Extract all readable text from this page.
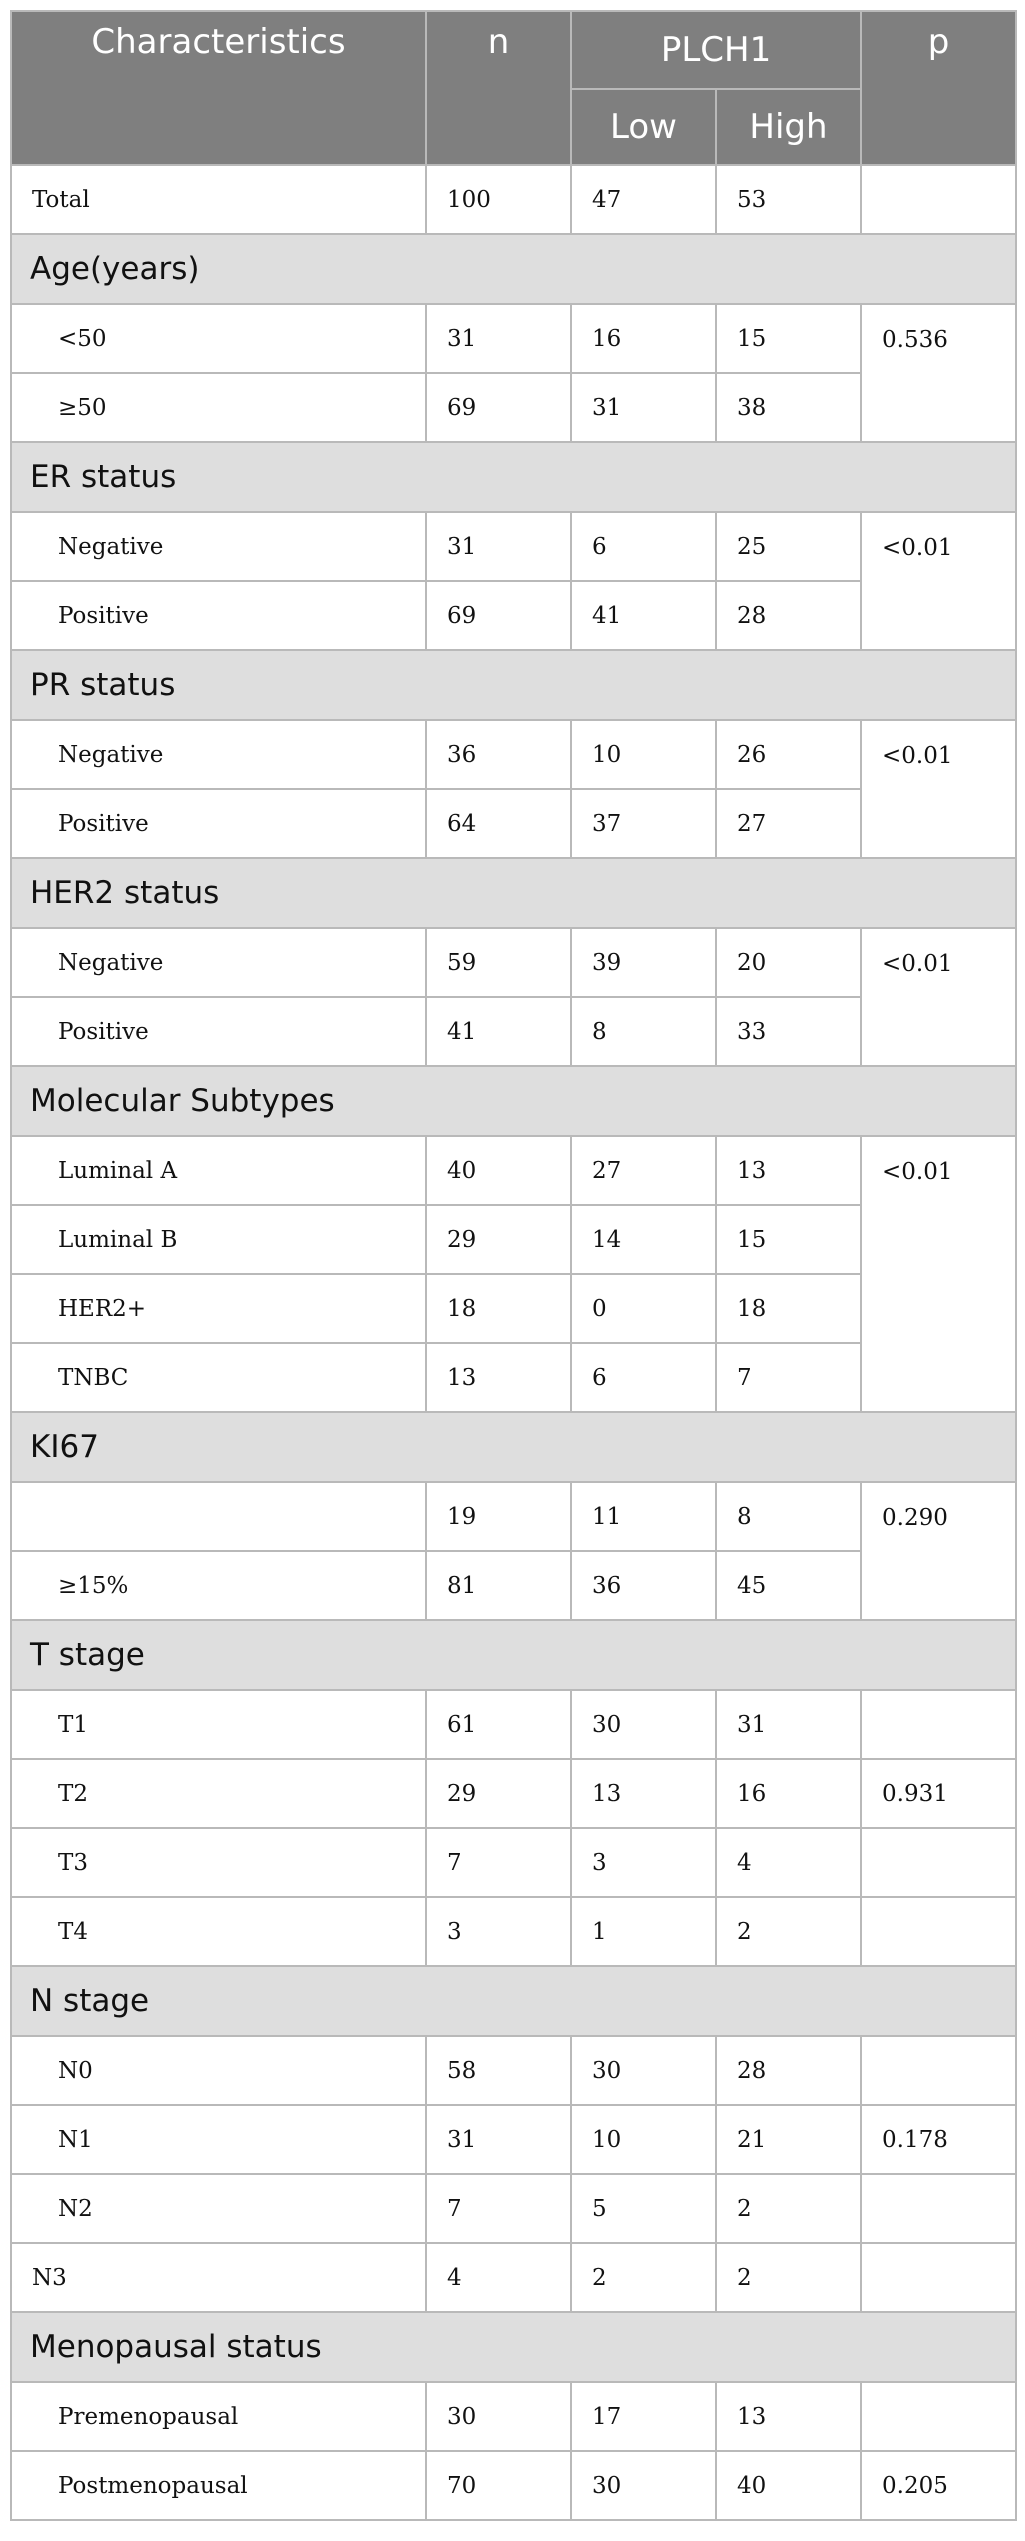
Characteristics	n	PLCH1		p
		Low	High	
Total	100	47	53	
Age(years)				
<50	31	16	15	0.536
≥50	69	31	38	
ER status				
Negative	31	6	25	<0.01
Positive	69	41	28	
PR status				
Negative	36	10	26	<0.01
Positive	64	37	27	
HER2 status				
Negative	59	39	20	<0.01
Positive	41	8	33	
Molecular Subtypes				
Luminal A	40	27	13	<0.01
Luminal B	29	14	15	
HER2+	18	0	18	
TNBC	13	6	7	
KI67				
	19	11	8	0.290
≥15%	81	36	45	
T stage				
T1	61	30	31	
T2	29	13	16	0.931
T3	7	3	4	
T4	3	1	2	
N stage				
N0	58	30	28	
N1	31	10	21	0.178
N2	7	5	2	
N3	4	2	2	
Menopausal status				
Premenopausal	30	17	13	
Postmenopausal	70	30	40	0.205
